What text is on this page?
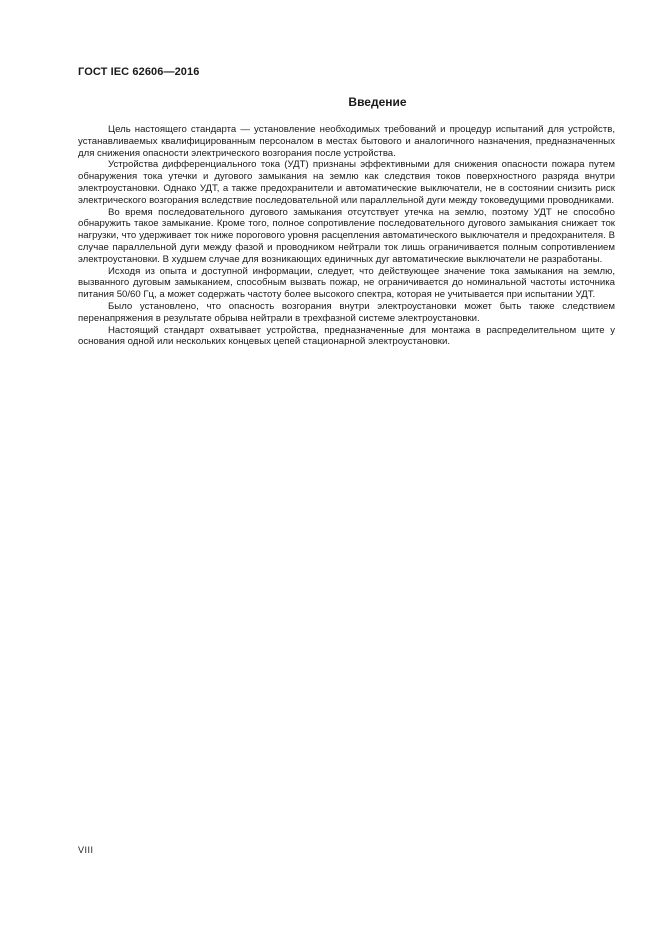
ГОСТ IEC 62606—2016
Введение

Цель настоящего стандарта — установление необходимых требований и процедур испытаний для устройств, устанавливаемых квалифицированным персоналом в местах бытового и аналогичного назначения, предназначенных для снижения опасности электрического возгорания после устройства.

Устройства дифференциального тока (УДТ) признаны эффективными для снижения опасности пожара путем обнаружения тока утечки и дугового замыкания на землю как следствия токов поверхностного разряда внутри электроустановки. Однако УДТ, а также предохранители и автоматические выключатели, не в состоянии снизить риск электрического возгорания вследствие последовательной или параллельной дуги между токоведущими проводниками.

Во время последовательного дугового замыкания отсутствует утечка на землю, поэтому УДТ не способно обнаружить такое замыкание. Кроме того, полное сопротивление последовательного дугового замыкания снижает ток нагрузки, что удерживает ток ниже порогового уровня расцепления автоматического выключателя и предохранителя. В случае параллельной дуги между фазой и проводником нейтрали ток лишь ограничивается полным сопротивлением электроустановки. В худшем случае для возникающих единичных дуг автоматические выключатели не разработаны.

Исходя из опыта и доступной информации, следует, что действующее значение тока замыкания на землю, вызванного дуговым замыканием, способным вызвать пожар, не ограничивается до номинальной частоты источника питания 50/60 Гц, а может содержать частоту более высокого спектра, которая не учитывается при испытании УДТ.

Было установлено, что опасность возгорания внутри электроустановки может быть также следствием перенапряжения в результате обрыва нейтрали в трехфазной системе электроустановки.

Настоящий стандарт охватывает устройства, предназначенные для монтажа в распределительном щите у основания одной или нескольких концевых цепей стационарной электроустановки.

VIII
